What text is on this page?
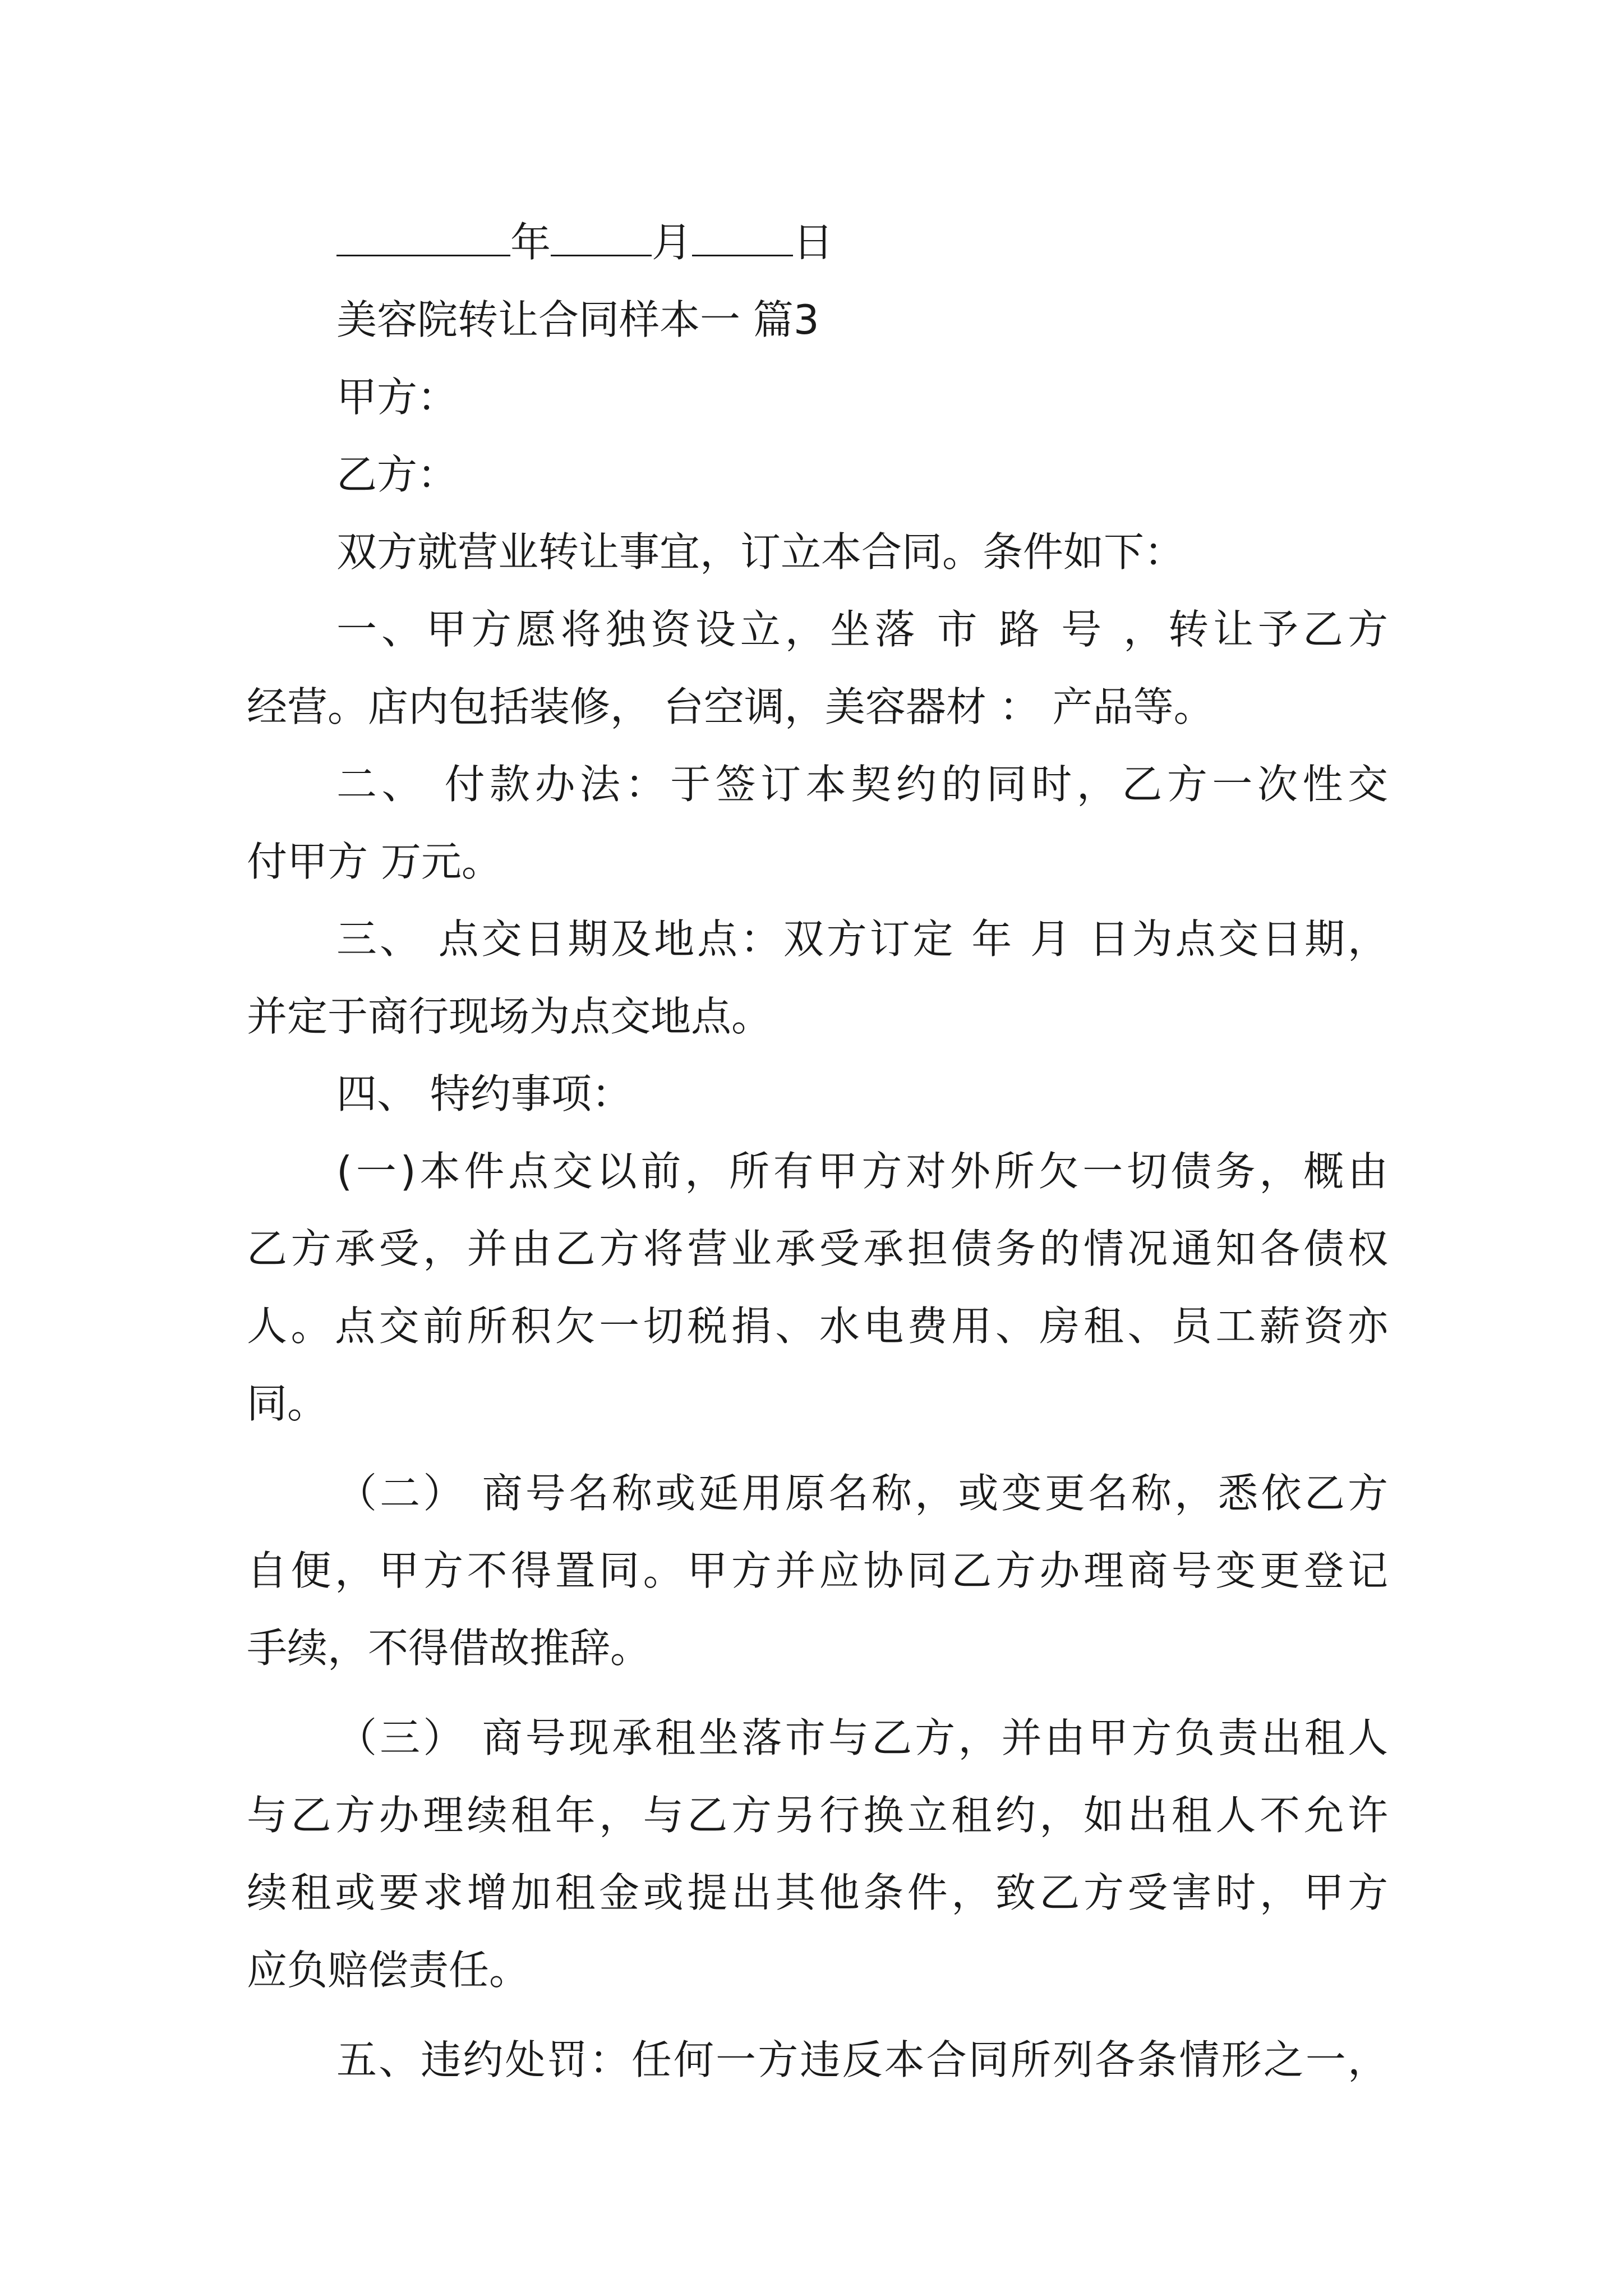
年	月	日
美容院转让合同样本一 篇3
甲方：
乙方：
双方就营业转让事宜，订立本合同。条件如下：
一、甲方愿将独资设立，坐落 市 路 号 ，转让予乙方
经营。店内包括装修， 台空调，美容器材 ： 产品等。
二、 付款办法：于签订本契约的同时，乙方一次性交
付甲方 万元。
三、 点交日期及地点：双方订定 年 月 日为点交日期，
并定于商行现场为点交地点。
四、 特约事项：
(一)本件点交以前，所有甲方对外所欠一切债务，概由
乙方承受，并由乙方将营业承受承担债务的情况通知各债权
人。点交前所积欠一切税捐、水电费用、房租、员工薪资亦
同。
（二） 商号名称或延用原名称，或变更名称，悉依乙方
自便，甲方不得置同。甲方并应协同乙方办理商号变更登记
手续，不得借故推辞。
（三） 商号现承租坐落市与乙方，并由甲方负责出租人
与乙方办理续租年，与乙方另行换立租约，如出租人不允许
续租或要求增加租金或提出其他条件，致乙方受害时，甲方
应负赔偿责任。
五、违约处罚：任何一方违反本合同所列各条情形之一，
